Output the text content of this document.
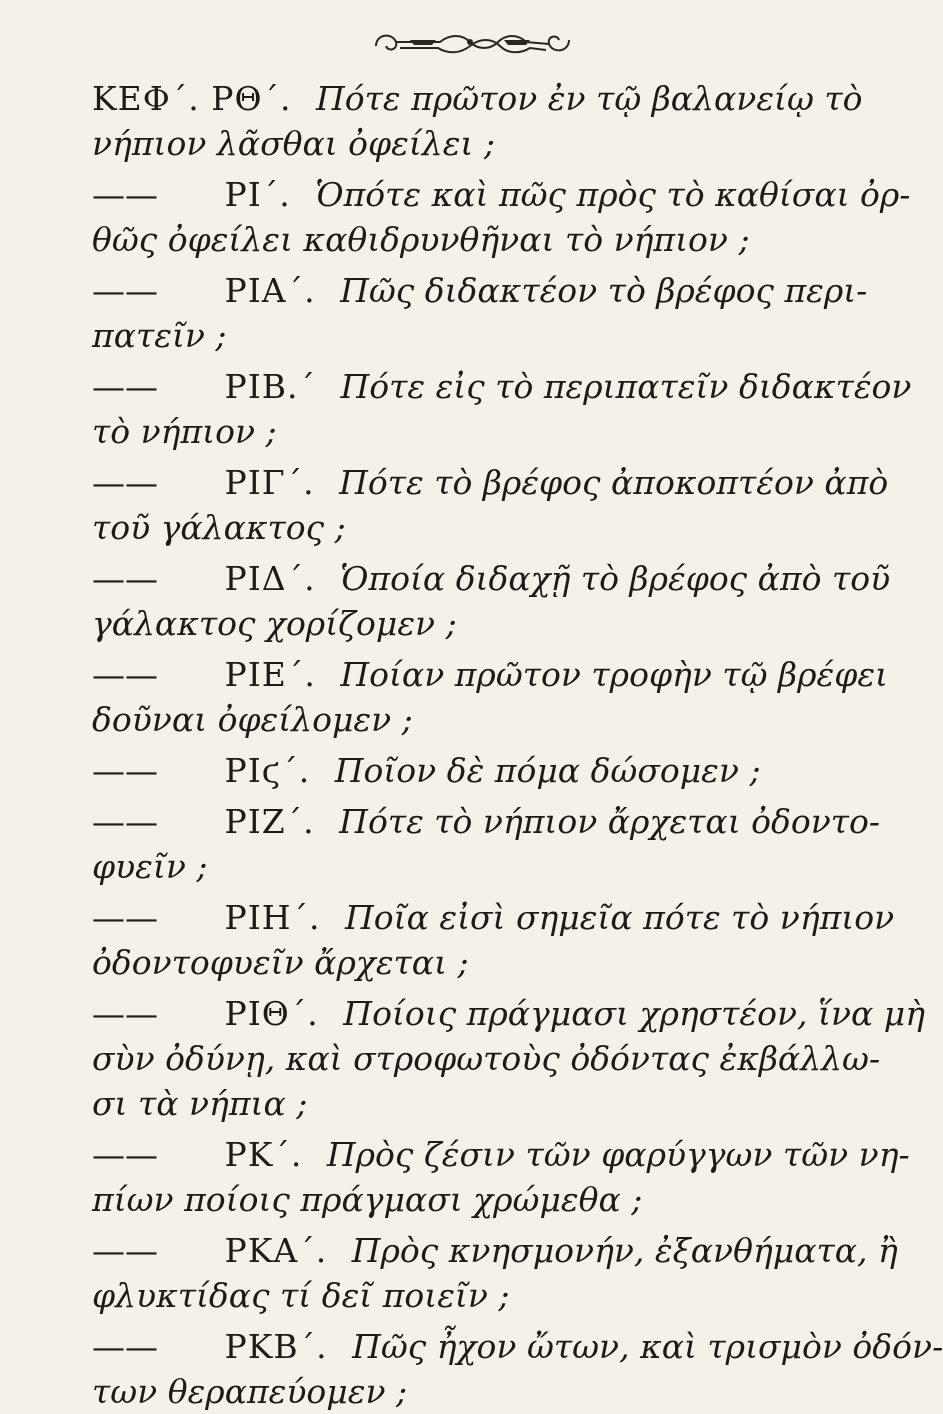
ΚΕΦ΄. ΡΘ΄. Πότε πρῶτον ἐν τῷ βαλανείῳ τὸ
νήπιον λᾶσθαι ὀφείλει ;

—— ΡΙ΄. Ὁπότε καὶ πῶς πρὸς τὸ καθίσαι ὀρ-
θῶς ὀφείλει καθιδρυνθῆναι τὸ νήπιον ;

—— ΡΙΑ΄. Πῶς διδακτέον τὸ βρέφος περι-
πατεῖν ;

—— ΡΙΒ.΄ Πότε εἰς τὸ περιπατεῖν διδακτέον
τὸ νήπιον ;

—— ΡΙΓ΄. Πότε τὸ βρέφος ἀποκοπτέον ἀπὸ
τοῦ γάλακτος ;

—— ΡΙΔ΄. Ὁποία διδαχῇ τὸ βρέφος ἀπὸ τοῦ
γάλακτος χορίζομεν ;

—— ΡΙΕ΄. Ποίαν πρῶτον τροφὴν τῷ βρέφει
δοῦναι ὀφείλομεν ;

—— ΡΙϛ΄. Ποῖον δὲ πόμα δώσομεν ;

—— ΡΙΖ΄. Πότε τὸ νήπιον ἄρχεται ὀδοντο-
φυεῖν ;

—— ΡΙΗ΄. Ποῖα εἰσὶ σημεῖα πότε τὸ νήπιον
ὀδοντοφυεῖν ἄρχεται ;

—— ΡΙΘ΄. Ποίοις πράγμασι χρηστέον, ἵνα μὴ
σὺν ὀδύνῃ, καὶ στροφωτοὺς ὀδόντας ἐκβάλλω-
σι τὰ νήπια ;

—— ΡΚ΄. Πρὸς ζέσιν τῶν φαρύγγων τῶν νη-
πίων ποίοις πράγμασι χρώμεθα ;

—— ΡΚΑ΄. Πρὸς κνησμονήν, ἐξανθήματα, ἢ
φλυκτίδας τί δεῖ ποιεῖν ;

—— ΡΚΒ΄. Πῶς ἦχον ὤτων, καὶ τρισμὸν ὀδόν-
των θεραπεύομεν ;
